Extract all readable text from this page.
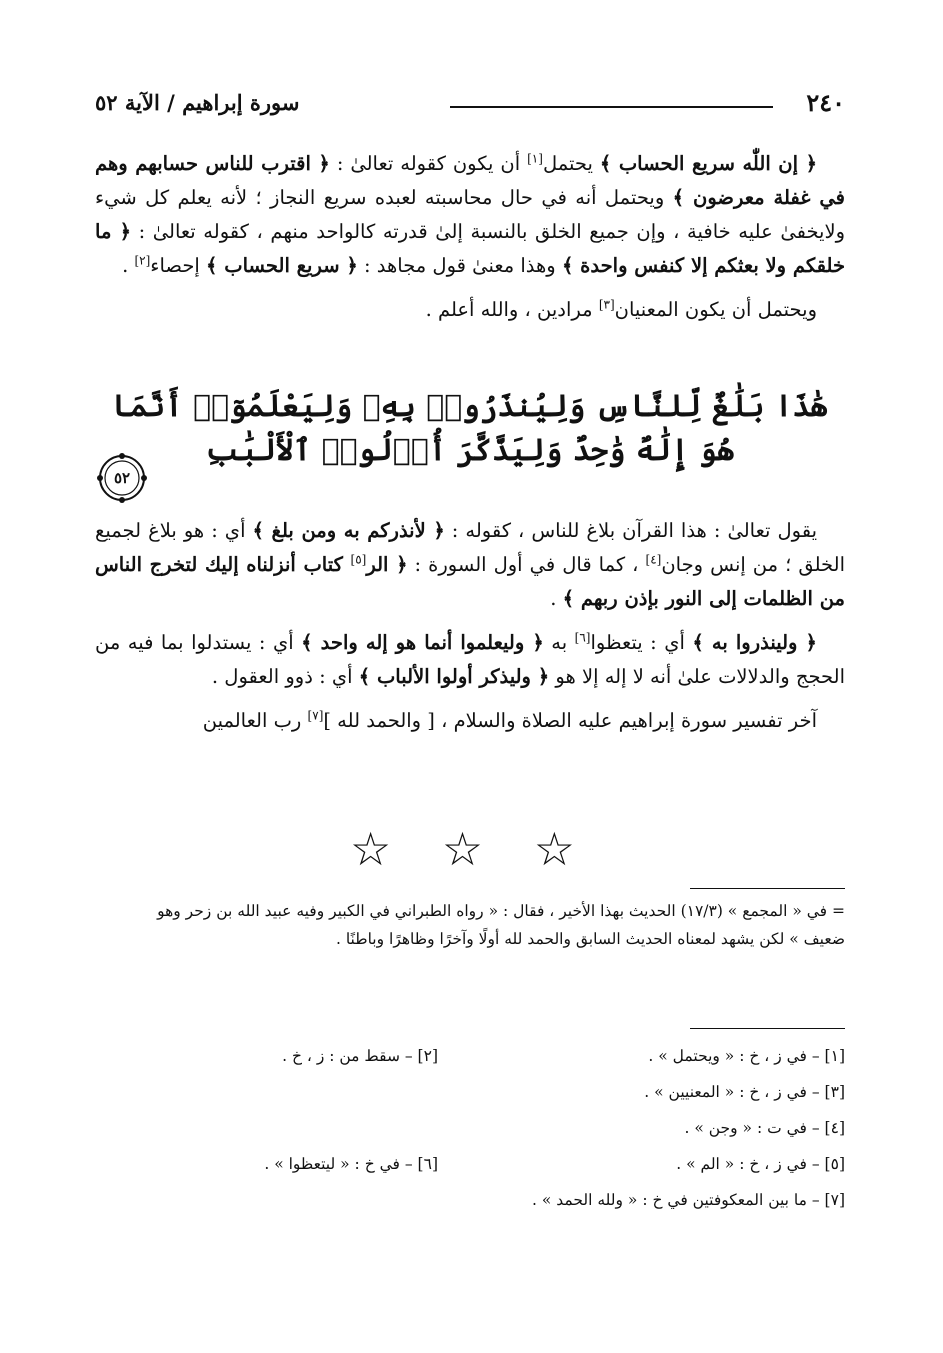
٢٤٠
سورة إبراهيم / الآية ٥٢

﴿ إن اللّٰه سريع الحساب ﴾ يحتمل[١] أن يكون كقوله تعالىٰ : ﴿ اقترب للناس حسابهم وهم في غفلة معرضون ﴾ ويحتمل أنه في حال محاسبته لعبده سريع النجاز ؛ لأنه يعلم كل شيء ولايخفىٰ عليه خافية ، وإن جميع الخلق بالنسبة إلىٰ قدرته كالواحد منهم ، كقوله تعالىٰ : ﴿ ما خلقكم ولا بعثكم إلا كنفس واحدة ﴾ وهذا معنىٰ قول مجاهد : ﴿ سريع الحساب ﴾ إحصاء[٢] .

ويحتمل أن يكون المعنيان[٣] مرادين ، والله أعلم .

هَٰذَا بَلَٰغٌ لِّلنَّاسِ وَلِيُنذَرُوا۟ بِهِۦ وَلِيَعْلَمُوٓا۟ أَنَّمَا هُوَ إِلَٰهٌ وَٰحِدٌ وَلِيَذَّكَّرَ أُو۟لُوا۟ ٱلْأَلْبَٰبِ
٥٢

يقول تعالىٰ : هذا القرآن بلاغ للناس ، كقوله : ﴿ لأنذركم به ومن بلغ ﴾ أي : هو بلاغ لجميع الخلق ؛ من إنس وجان[٤] ، كما قال في أول السورة : ﴿ الر[٥] كتاب أنزلناه إليك لتخرج الناس من الظلمات إلى النور بإذن ربهم ﴾ .

﴿ ولينذروا به ﴾ أي : يتعظوا[٦] به ﴿ وليعلموا أنما هو إله واحد ﴾ أي : يستدلوا بما فيه من الحجج والدلالات علىٰ أنه لا إله إلا هو ﴿ وليذكر أولوا الألباب ﴾ أي : ذوو العقول .

آخر تفسير سورة إبراهيم عليه الصلاة والسلام ، [ والحمد لله ][٧] رب العالمين

☆ ☆ ☆
= في « المجمع » (١٧/٣) الحديث بهذا الأخير ، فقال : « رواه الطبراني في الكبير وفيه عبيد الله بن زحر وهو
ضعيف » لكن يشهد لمعناه الحديث السابق والحمد لله أولًا وآخرًا وظاهرًا وباطنًا .
[١] – في ز ، خ : « ويحتمل » .
[٢] – سقط من : ز ، خ .
[٣] – في ز ، خ : « المعنيين » .
[٤] – في ت : « وجن » .
[٥] – في ز ، خ : « الم » .
[٦] – في خ : « ليتعظوا » .
[٧] – ما بين المعكوفتين في خ : « ولله الحمد » .
